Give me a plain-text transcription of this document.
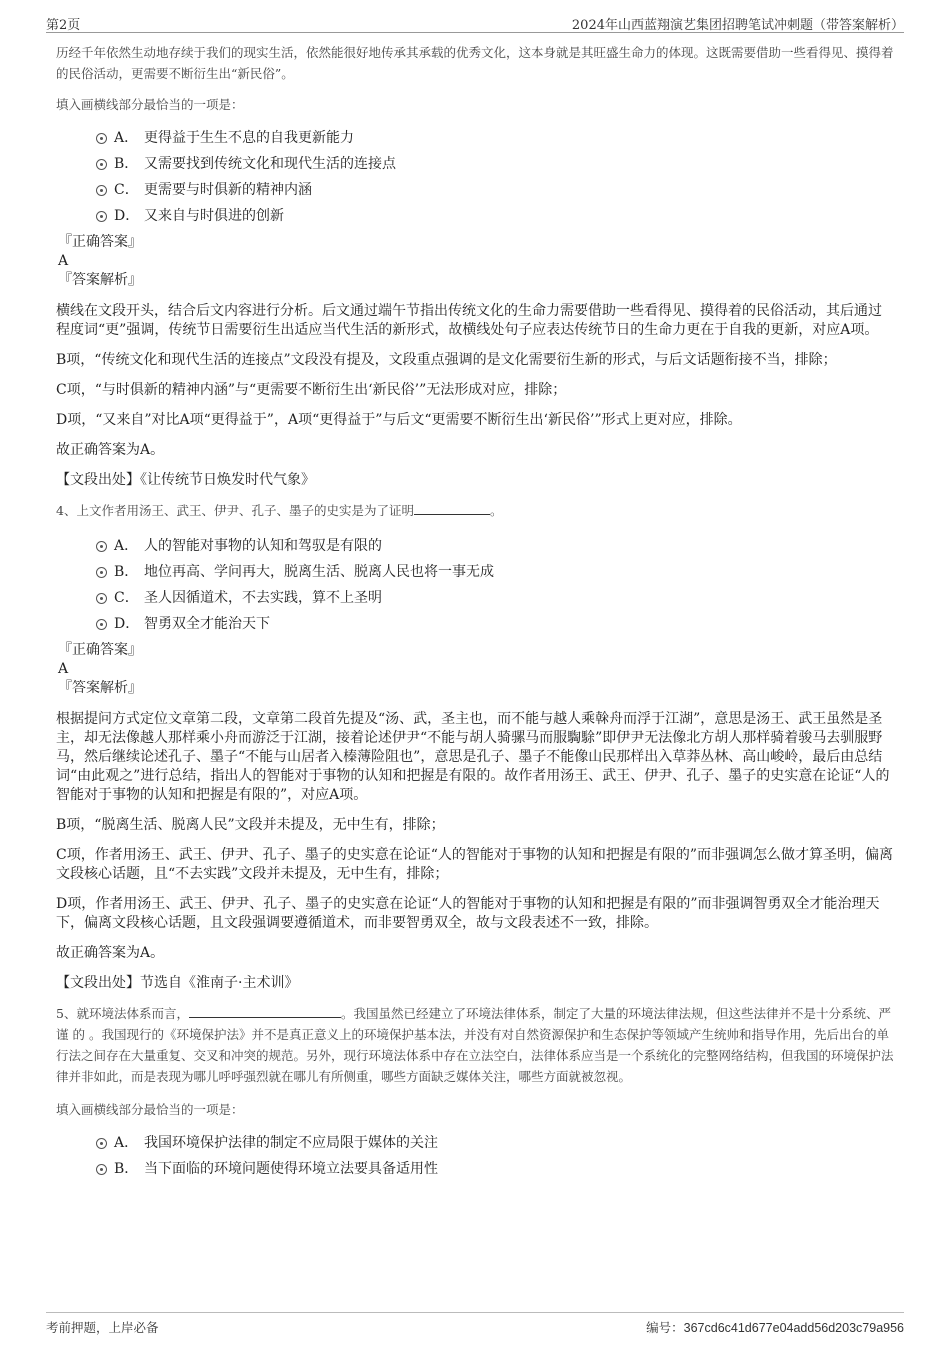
第2页	2024年山西蓝翔演艺集团招聘笔试冲刺题（带答案解析）

历经千年依然生动地存续于我们的现实生活，依然能很好地传承其承载的优秀文化，这本身就是其旺盛生命力的体现。这既需要借助一些看得见、摸得着的民俗活动，更需要不断衍生出“新民俗”。

填入画横线部分最恰当的一项是：

A． 更得益于生生不息的自我更新能力
B． 又需要找到传统文化和现代生活的连接点
C． 更需要与时俱新的精神内涵
D． 又来自与时俱进的创新
『正确答案』
A
『答案解析』

横线在文段开头，结合后文内容进行分析。后文通过端午节指出传统文化的生命力需要借助一些看得见、摸得着的民俗活动，其后通过程度词“更”强调，传统节日需要衍生出适应当代生活的新形式，故横线处句子应表达传统节日的生命力更在于自我的更新，对应A项。

B项，“传统文化和现代生活的连接点”文段没有提及，文段重点强调的是文化需要衍生新的形式，与后文话题衔接不当，排除；

C项，“与时俱新的精神内涵”与“更需要不断衍生出‘新民俗’”无法形成对应，排除；

D项，“又来自”对比A项“更得益于”，A项“更得益于”与后文“更需要不断衍生出‘新民俗’”形式上更对应，排除。

故正确答案为A。

【文段出处】《让传统节日焕发时代气象》

4、上文作者用汤王、武王、伊尹、孔子、墨子的史实是为了证明	。

A． 人的智能对事物的认知和驾驭是有限的
B． 地位再高、学问再大，脱离生活、脱离人民也将一事无成
C． 圣人因循道术，不去实践，算不上圣明
D． 智勇双全才能治天下
『正确答案』
A
『答案解析』

根据提问方式定位文章第二段，文章第二段首先提及“汤、武，圣主也，而不能与越人乘榦舟而浮于江湖”，意思是汤王、武王虽然是圣主，却无法像越人那样乘小舟而游泛于江湖，接着论述伊尹“不能与胡人骑骡马而服騊駼”即伊尹无法像北方胡人那样骑着骏马去驯服野马，然后继续论述孔子、墨子“不能与山居者入榛薄险阻也”，意思是孔子、墨子不能像山民那样出入草莽丛林、高山峻岭，最后由总结词“由此观之”进行总结，指出人的智能对于事物的认知和把握是有限的。故作者用汤王、武王、伊尹、孔子、墨子的史实意在论证“人的智能对于事物的认知和把握是有限的”，对应A项。

B项，“脱离生活、脱离人民”文段并未提及，无中生有，排除；

C项，作者用汤王、武王、伊尹、孔子、墨子的史实意在论证“人的智能对于事物的认知和把握是有限的”而非强调怎么做才算圣明，偏离文段核心话题，且“不去实践”文段并未提及，无中生有，排除；

D项，作者用汤王、武王、伊尹、孔子、墨子的史实意在论证“人的智能对于事物的认知和把握是有限的”而非强调智勇双全才能治理天下，偏离文段核心话题，且文段强调要遵循道术，而非要智勇双全，故与文段表述不一致，排除。

故正确答案为A。

【文段出处】节选自《淮南子·主术训》

5、就环境法体系而言，	。我国虽然已经建立了环境法律体系，制定了大量的环境法律法规，但这些法律并不是十分系统、严谨 的 。我国现行的《环境保护法》并不是真正意义上的环境保护基本法，并没有对自然资源保护和生态保护等领域产生统帅和指导作用，先后出台的单行法之间存在大量重复、交叉和冲突的规范。另外，现行环境法体系中存在立法空白，法律体系应当是一个系统化的完整网络结构，但我国的环境保护法律并非如此，而是表现为哪儿呼呼强烈就在哪儿有所侧重，哪些方面缺乏媒体关注，哪些方面就被忽视。

填入画横线部分最恰当的一项是：

A． 我国环境保护法律的制定不应局限于媒体的关注
B． 当下面临的环境问题使得环境立法要具备适用性
考前押题，上岸必备	编号：367cd6c41d677e04add56d203c79a956
